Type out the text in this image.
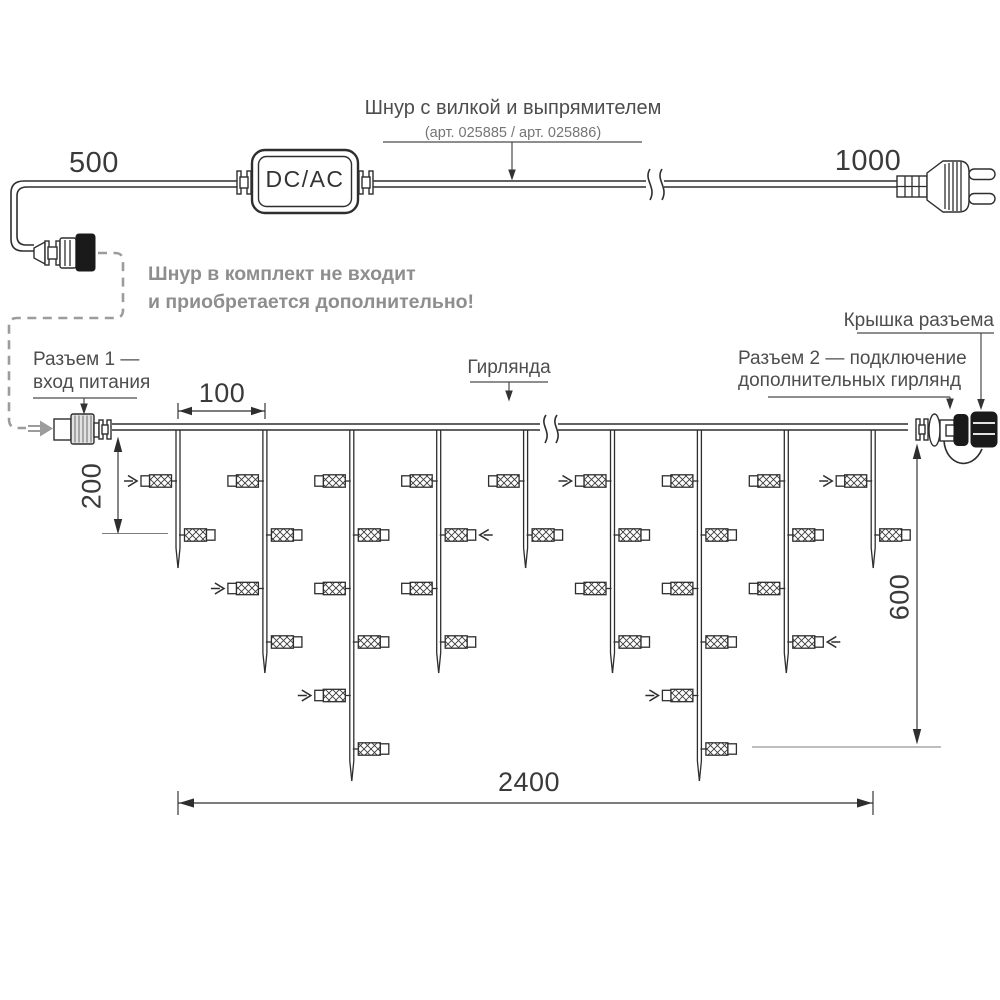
500	1000
100
200
600
2400
DC/AC
Шнур с вилкой и выпрямителем
(арт. 025885 / арт. 025886)
Шнур в комплект не входит
и приобретается дополнительно!
Разъем 1 —
вход питания
Гирлянда	Разъем 2 — подключение
дополнительных гирлянд
Крышка разъема
